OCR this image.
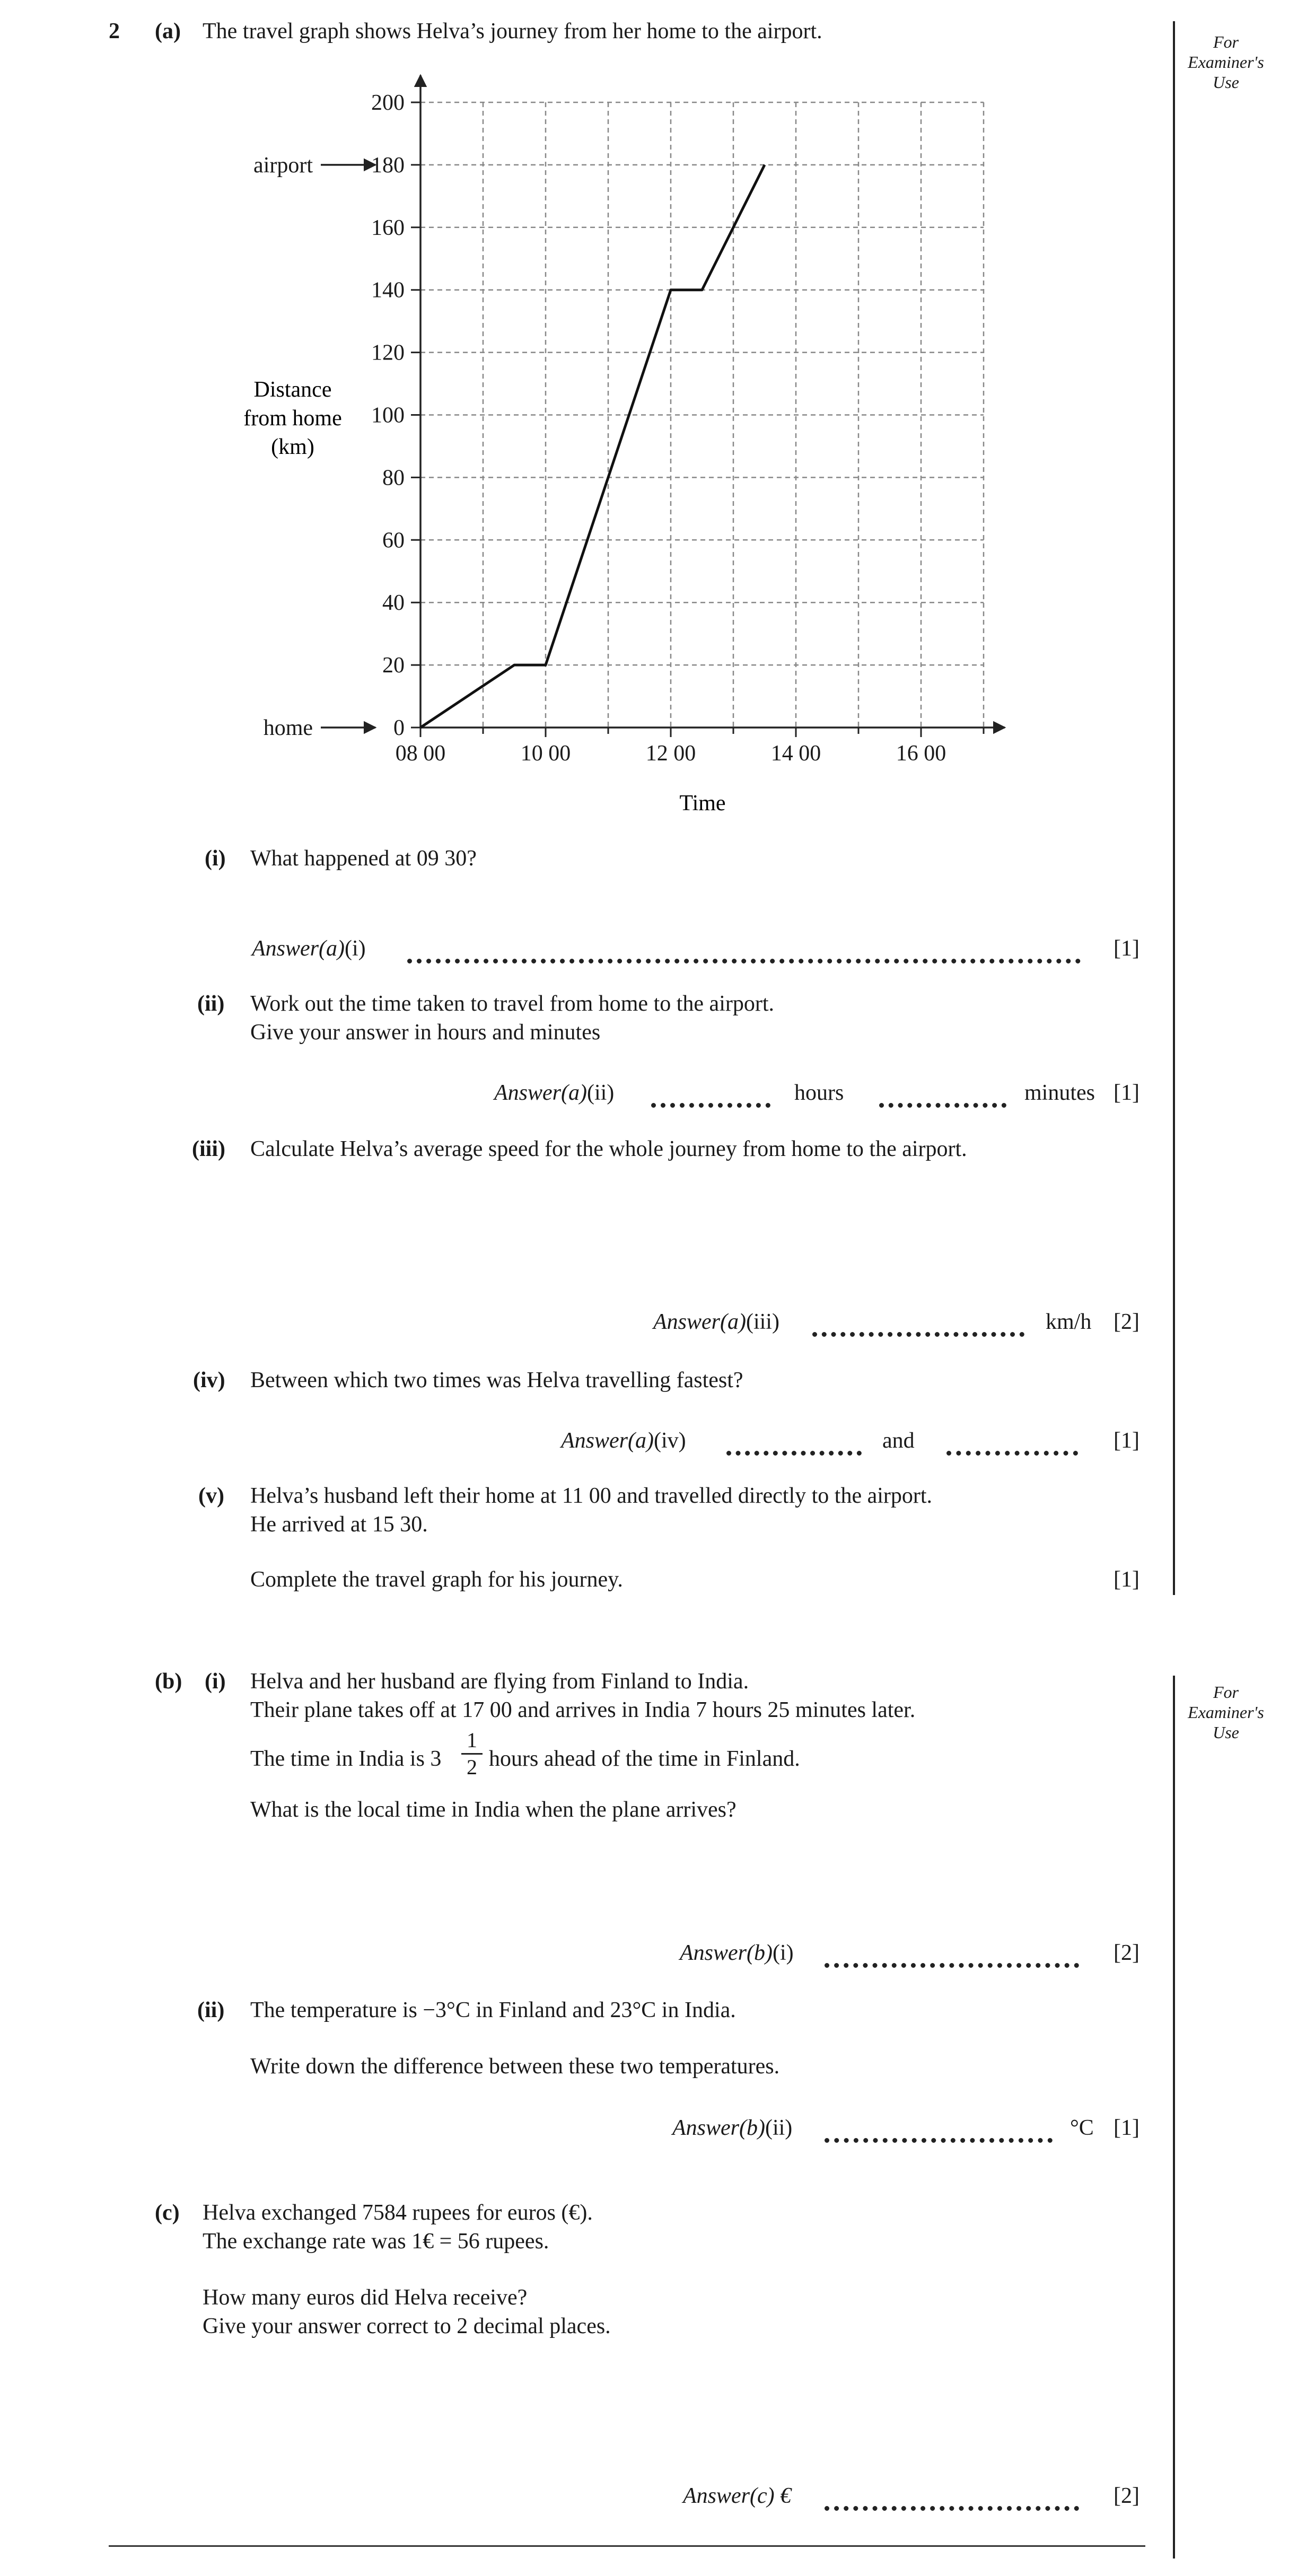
For Examiner's Use
For Examiner's Use
2 (a) The travel graph shows Helva’s journey from her home to the airport.
0
20
40
60
80
100
120
140
160
180
200
08 00	10 00	12 00	14 00	16 00
airport
home
Time
Distance
from home
(km)
(i) What happened at 09 30?
Answer(a)(i)	[1]
(ii) Work out the time taken to travel from home to the airport.
Give your answer in hours and minutes
Answer(a)(ii)	hours	minutes [1]
(iii) Calculate Helva’s average speed for the whole journey from home to the airport.
Answer(a)(iii)	km/h [2]
(iv) Between which two times was Helva travelling fastest?
Answer(a)(iv)	and	[1]
(v) Helva’s husband left their home at 11 00 and travelled directly to the airport.
He arrived at 15 30.
Complete the travel graph for his journey.	[1]
(b) (i) Helva and her husband are flying from Finland to India.
Their plane takes off at 17 00 and arrives in India 7 hours 25 minutes later.
The time in India is 3
1
2 hours ahead of the time in Finland.
What is the local time in India when the plane arrives?
Answer(b)(i)	[2]
(ii) The temperature is −3°C in Finland and 23°C in India.
Write down the difference between these two temperatures.
Answer(b)(ii)	°C [1]
(c) Helva exchanged 7584 rupees for euros (€).
The exchange rate was 1€ = 56 rupees.
How many euros did Helva receive?
Give your answer correct to 2 decimal places.
Answer(c) €	[2]
